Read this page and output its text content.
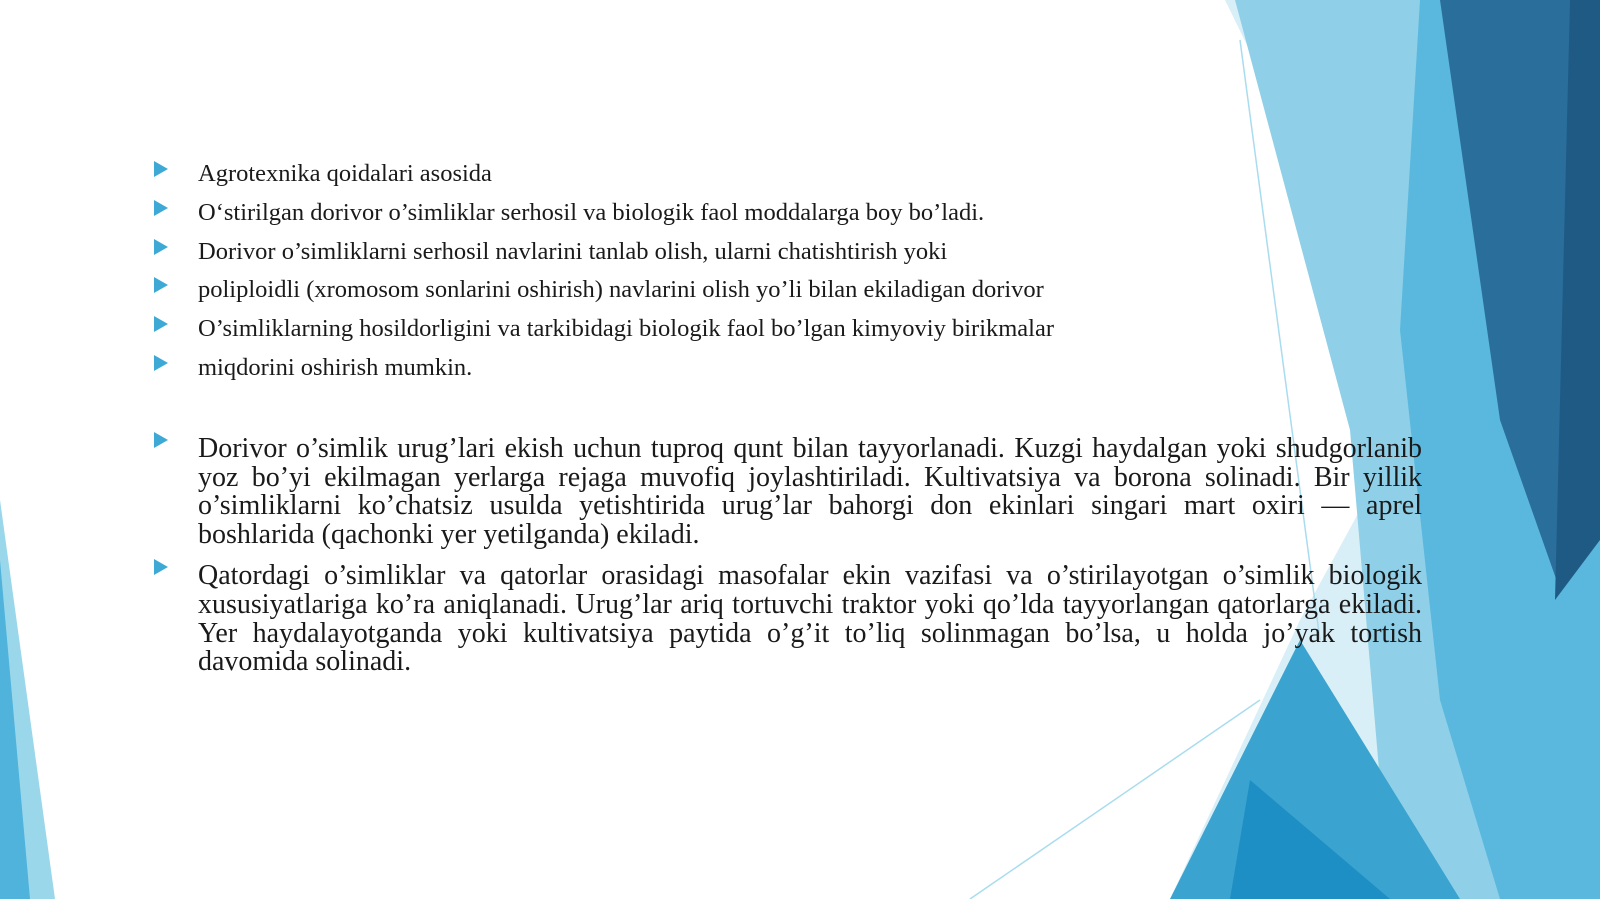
Agrotexnika qoidalari asosida
O‘stirilgan dorivor o’simliklar serhosil va biologik faol moddalarga boy bo’ladi.
Dorivor o’simliklarni serhosil navlarini tanlab olish, ularni chatishtirish yoki
poliploidli (xromosom sonlarini oshirish) navlarini olish yo’li bilan ekiladigan dorivor
O’simliklarning hosildorligini va tarkibidagi biologik faol bo’lgan kimyoviy birikmalar
miqdorini oshirish mumkin.
Dorivor o’simlik urug’lari ekish uchun tuproq qunt bilan tayyorlanadi. Kuzgi haydalgan yoki shudgorlanib yoz bo’yi ekilmagan yerlarga rejaga muvofiq joylashtiriladi. Kultivatsiya va borona solinadi. Bir yillik o’simliklarni ko’chatsiz usulda yetishtirida urug’lar bahorgi don ekinlari singari mart oxiri — aprel boshlarida (qachonki yer yetilganda) ekiladi.
Qatordagi o’simliklar va qatorlar orasidagi masofalar ekin vazifasi va o’stirilayotgan o’simlik biologik xususiyatlariga ko’ra aniqlanadi. Urug’lar ariq tortuvchi traktor yoki qo’lda tayyorlangan qatorlarga ekiladi. Yer haydalayotganda yoki kultivatsiya paytida o’g’it to’liq solinmagan bo’lsa, u holda jo’yak tortish davomida solinadi.
